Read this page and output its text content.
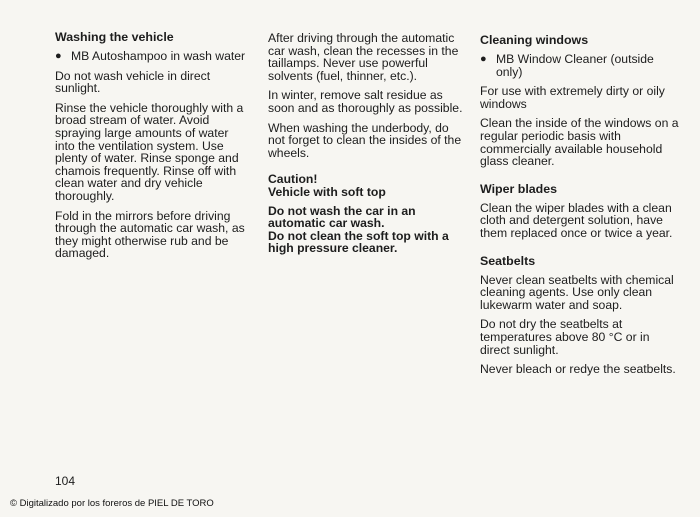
Washing the vehicle
● MB Autoshampoo in wash water

Do not wash vehicle in direct sunlight.

Rinse the vehicle thoroughly with a broad stream of water. Avoid spraying large amounts of water into the ventilation system. Use plenty of water. Rinse sponge and chamois frequently. Rinse off with clean water and dry vehicle thoroughly.

Fold in the mirrors before driving through the automatic car wash, as they might otherwise rub and be damaged.

After driving through the automatic car wash, clean the recesses in the taillamps. Never use powerful solvents (fuel, thinner, etc.).

In winter, remove salt residue as soon and as thoroughly as possible.

When washing the underbody, do not forget to clean the insides of the wheels.

Caution!
Vehicle with soft top
Do not wash the car in an automatic car wash.
Do not clean the soft top with a high pressure cleaner.
Cleaning windows
● MB Window Cleaner (outside only)

For use with extremely dirty or oily windows

Clean the inside of the windows on a regular periodic basis with commercially available household glass cleaner.

Wiper blades

Clean the wiper blades with a clean cloth and detergent solution, have them replaced once or twice a year.

Seatbelts

Never clean seatbelts with chemical cleaning agents. Use only clean lukewarm water and soap.

Do not dry the seatbelts at temperatures above 80 °C or in direct sunlight.

Never bleach or redye the seatbelts.

104
© Digitalizado por los foreros de PIEL DE TORO
